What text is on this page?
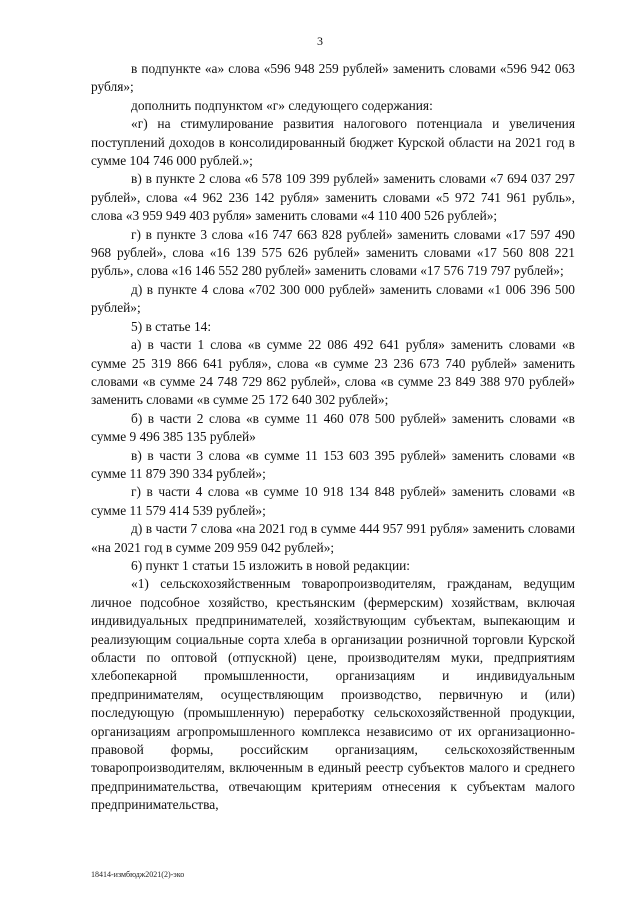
3

в подпункте «а» слова «596 948 259 рублей» заменить словами «596 942 063 рубля»;

дополнить подпунктом «г» следующего содержания:

«г) на стимулирование развития налогового потенциала и увеличения поступлений доходов в консолидированный бюджет Курской области на 2021 год в сумме 104 746 000 рублей.»;

в) в пункте 2 слова «6 578 109 399 рублей» заменить словами «7 694 037 297 рублей», слова «4 962 236 142 рубля» заменить словами «5 972 741 961 рубль», слова «3 959 949 403 рубля» заменить словами «4 110 400 526 рублей»;

г) в пункте 3 слова «16 747 663 828 рублей» заменить словами «17 597 490 968 рублей», слова «16 139 575 626 рублей» заменить словами «17 560 808 221 рубль», слова «16 146 552 280 рублей» заменить словами «17 576 719 797 рублей»;

д) в пункте 4 слова «702 300 000 рублей» заменить словами «1 006 396 500 рублей»;

5) в статье 14:

а) в части 1 слова «в сумме 22 086 492 641 рубля» заменить словами «в сумме 25 319 866 641 рубля», слова «в сумме 23 236 673 740 рублей» заменить словами «в сумме 24 748 729 862 рублей», слова «в сумме 23 849 388 970 рублей» заменить словами «в сумме 25 172 640 302 рублей»;

б) в части 2 слова «в сумме 11 460 078 500 рублей» заменить словами «в сумме 9 496 385 135 рублей»

в) в части 3 слова «в сумме 11 153 603 395 рублей» заменить словами «в сумме 11 879 390 334 рублей»;

г) в части 4 слова «в сумме 10 918 134 848 рублей» заменить словами «в сумме 11 579 414 539 рублей»;

д) в части 7 слова «на 2021 год в сумме 444 957 991 рубля» заменить словами «на 2021 год в сумме 209 959 042 рублей»;

6) пункт 1 статьи 15 изложить в новой редакции:

«1) сельскохозяйственным товаропроизводителям, гражданам, ведущим личное подсобное хозяйство, крестьянским (фермерским) хозяйствам, включая индивидуальных предпринимателей, хозяйствующим субъектам, выпекающим и реализующим социальные сорта хлеба в организации розничной торговли Курской области по оптовой (отпускной) цене, производителям муки, предприятиям хлебопекарной промышленности, организациям и индивидуальным предпринимателям, осуществляющим производство, первичную и (или) последующую (промышленную) переработку сельскохозяйственной продукции, организациям агропромышленного комплекса независимо от их организационно-правовой формы, российским организациям, сельскохозяйственным товаропроизводителям, включенным в единый реестр субъектов малого и среднего предпринимательства, отвечающим критериям отнесения к субъектам малого предпринимательства,

18414-измбюдж2021(2)-эко
